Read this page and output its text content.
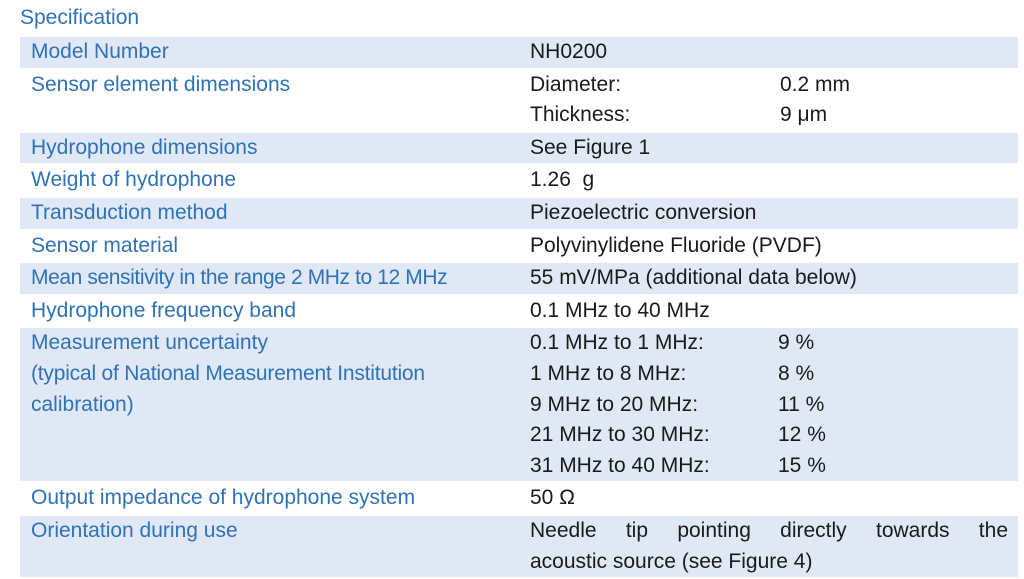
Specification
Model Number	NH0200
Sensor element dimensions	Diameter:	0.2 mm
Thickness:	9 μm
Hydrophone dimensions	See Figure 1
Weight of hydrophone	1.26  g
Transduction method	Piezoelectric conversion
Sensor material	Polyvinylidene Fluoride (PVDF)
Mean sensitivity in the range 2 MHz to 12 MHz	55 mV/MPa (additional data below)
Hydrophone frequency band	0.1 MHz to 40 MHz
Measurement uncertainty
(typical of National Measurement Institution
calibration)
0.1 MHz to 1 MHz:	9 %
1 MHz to 8 MHz:	8 %
9 MHz to 20 MHz:	11 %
21 MHz to 30 MHz:	12 %
31 MHz to 40 MHz:	15 %
Output impedance of hydrophone system	50 Ω
Orientation during use	Needle tip pointing directly towards the
acoustic source (see Figure 4)
